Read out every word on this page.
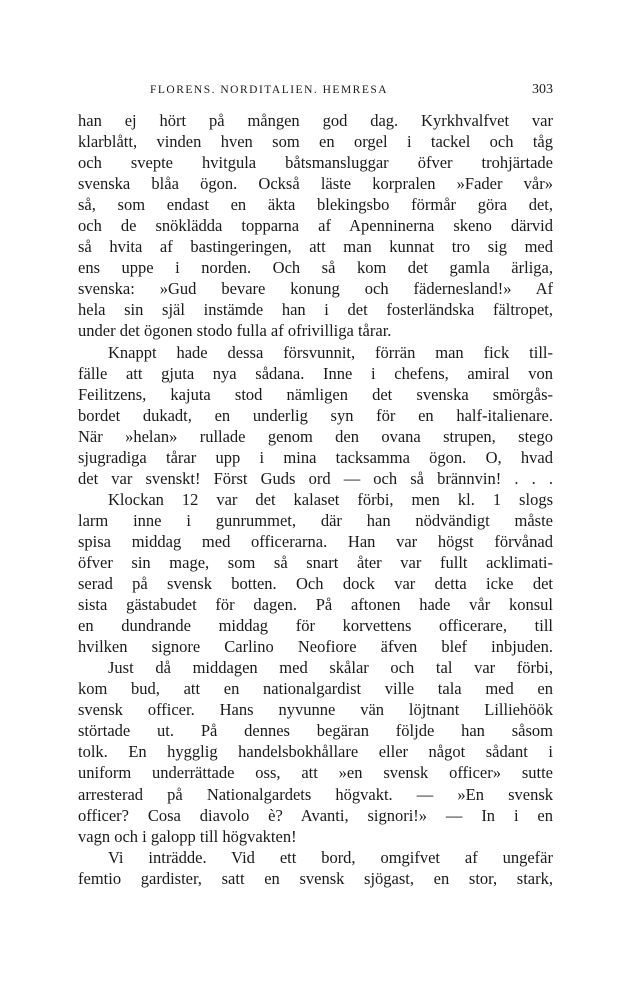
FLORENS. NORDITALIEN. HEMRESA	303
han ej hört på mången god dag. Kyrkhvalfvet var
klarblått, vinden hven som en orgel i tackel och tåg
och svepte hvitgula båtsmansluggar öfver trohjärtade
svenska blåa ögon. Också läste korpralen »Fader vår»
så, som endast en äkta blekingsbo förmår göra det,
och de snöklädda topparna af Apenninerna skeno därvid
så hvita af bastingeringen, att man kunnat tro sig med
ens uppe i norden. Och så kom det gamla ärliga,
svenska: »Gud bevare konung och fädernesland!» Af
hela sin själ instämde han i det fosterländska fältropet,
under det ögonen stodo fulla af ofrivilliga tårar.
Knappt hade dessa försvunnit, förrän man fick till-
fälle att gjuta nya sådana. Inne i chefens, amiral von
Feilitzens, kajuta stod nämligen det svenska smörgås-
bordet dukadt, en underlig syn för en half-italienare.
När »helan» rullade genom den ovana strupen, stego
sjugradiga tårar upp i mina tacksamma ögon. O, hvad
det var svenskt! Först Guds ord — och så brännvin! . . .
Klockan 12 var det kalaset förbi, men kl. 1 slogs
larm inne i gunrummet, där han nödvändigt måste
spisa middag med officerarna. Han var högst förvånad
öfver sin mage, som så snart åter var fullt acklimati-
serad på svensk botten. Och dock var detta icke det
sista gästabudet för dagen. På aftonen hade vår konsul
en dundrande middag för korvettens officerare, till
hvilken signore Carlino Neofiore äfven blef inbjuden.
Just då middagen med skålar och tal var förbi,
kom bud, att en nationalgardist ville tala med en
svensk officer. Hans nyvunne vän löjtnant Lilliehöök
störtade ut. På dennes begäran följde han såsom
tolk. En hygglig handelsbokhållare eller något sådant i
uniform underrättade oss, att »en svensk officer» sutte
arresterad på Nationalgardets högvakt. — »En svensk
officer? Cosa diavolo è? Avanti, signori!» — In i en
vagn och i galopp till högvakten!
Vi inträdde. Vid ett bord, omgifvet af ungefär
femtio gardister, satt en svensk sjögast, en stor, stark,
